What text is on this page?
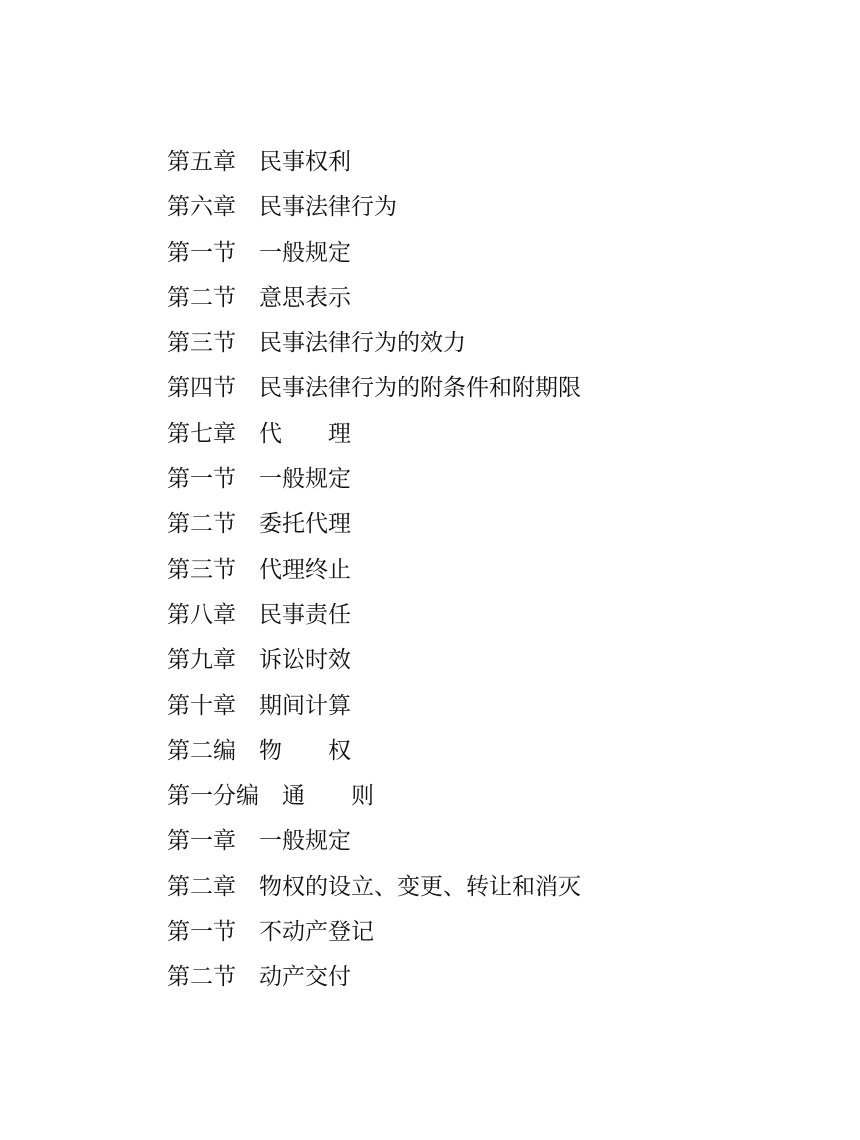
第五章　民事权利
第六章　民事法律行为
第一节　一般规定
第二节　意思表示
第三节　民事法律行为的效力
第四节　民事法律行为的附条件和附期限
第七章　代　　理
第一节　一般规定
第二节　委托代理
第三节　代理终止
第八章　民事责任
第九章　诉讼时效
第十章　期间计算
第二编　物　　权
第一分编　通　　则
第一章　一般规定
第二章　物权的设立、变更、转让和消灭
第一节　不动产登记
第二节　动产交付
